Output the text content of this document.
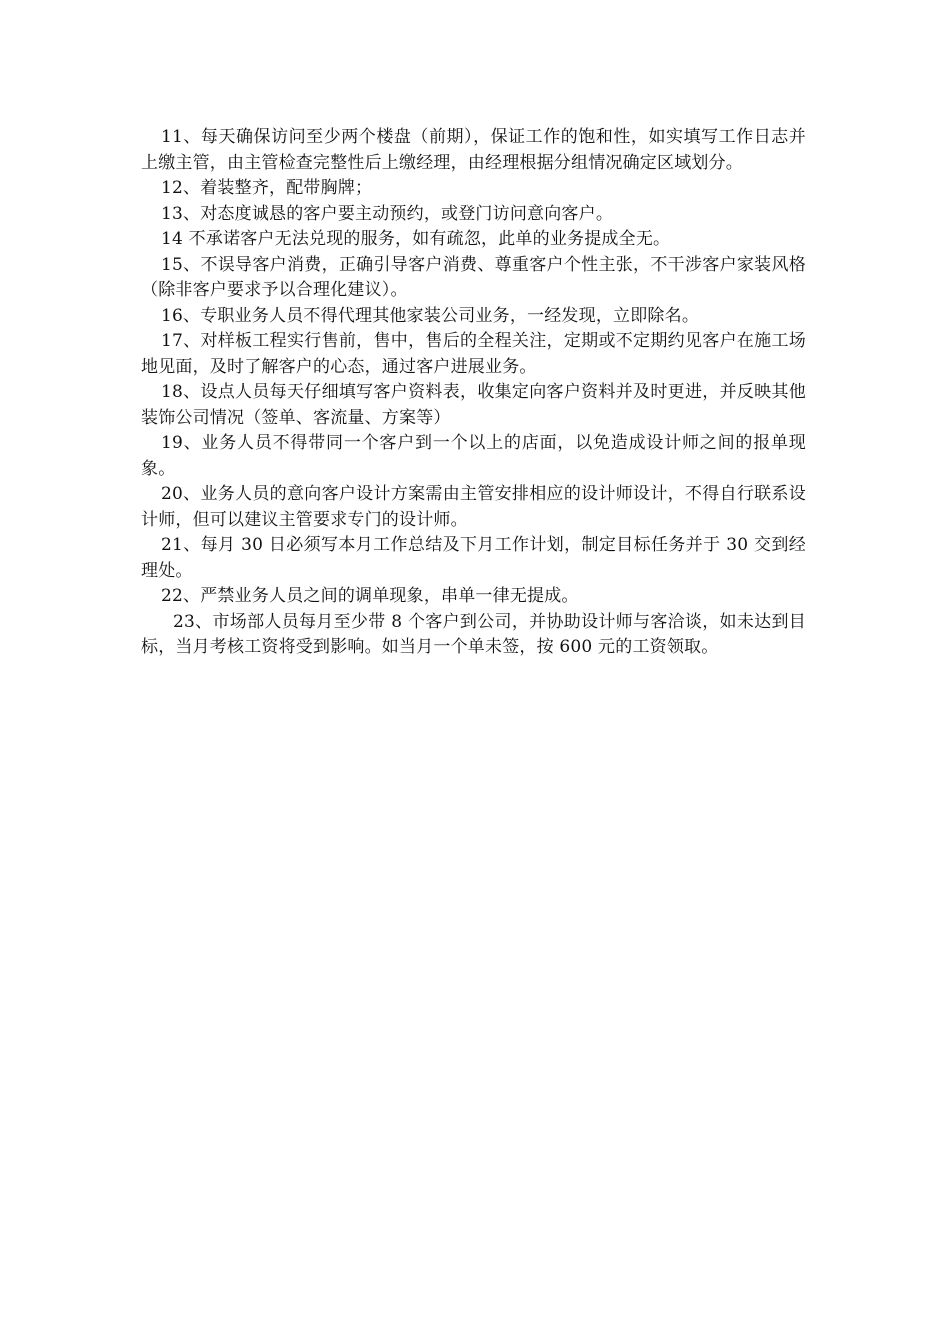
11、每天确保访问至少两个楼盘（前期），保证工作的饱和性，如实填写工作日志并上缴主管，由主管检查完整性后上缴经理，由经理根据分组情况确定区域划分。

12、着装整齐，配带胸牌；

13、对态度诚恳的客户要主动预约，或登门访问意向客户。

14 不承诺客户无法兑现的服务，如有疏忽，此单的业务提成全无。

15、不误导客户消费，正确引导客户消费、尊重客户个性主张，不干涉客户家装风格（除非客户要求予以合理化建议）。

16、专职业务人员不得代理其他家装公司业务，一经发现，立即除名。

17、对样板工程实行售前，售中，售后的全程关注，定期或不定期约见客户在施工场地见面，及时了解客户的心态，通过客户进展业务。

18、设点人员每天仔细填写客户资料表，收集定向客户资料并及时更进，并反映其他装饰公司情况（签单、客流量、方案等）

19、业务人员不得带同一个客户到一个以上的店面，以免造成设计师之间的报单现象。

20、业务人员的意向客户设计方案需由主管安排相应的设计师设计，不得自行联系设计师，但可以建议主管要求专门的设计师。

21、每月 30 日必须写本月工作总结及下月工作计划，制定目标任务并于 30 交到经理处。

22、严禁业务人员之间的调单现象，串单一律无提成。

23、市场部人员每月至少带 8 个客户到公司，并协助设计师与客洽谈，如未达到目标，当月考核工资将受到影响。如当月一个单未签，按 600 元的工资领取。
